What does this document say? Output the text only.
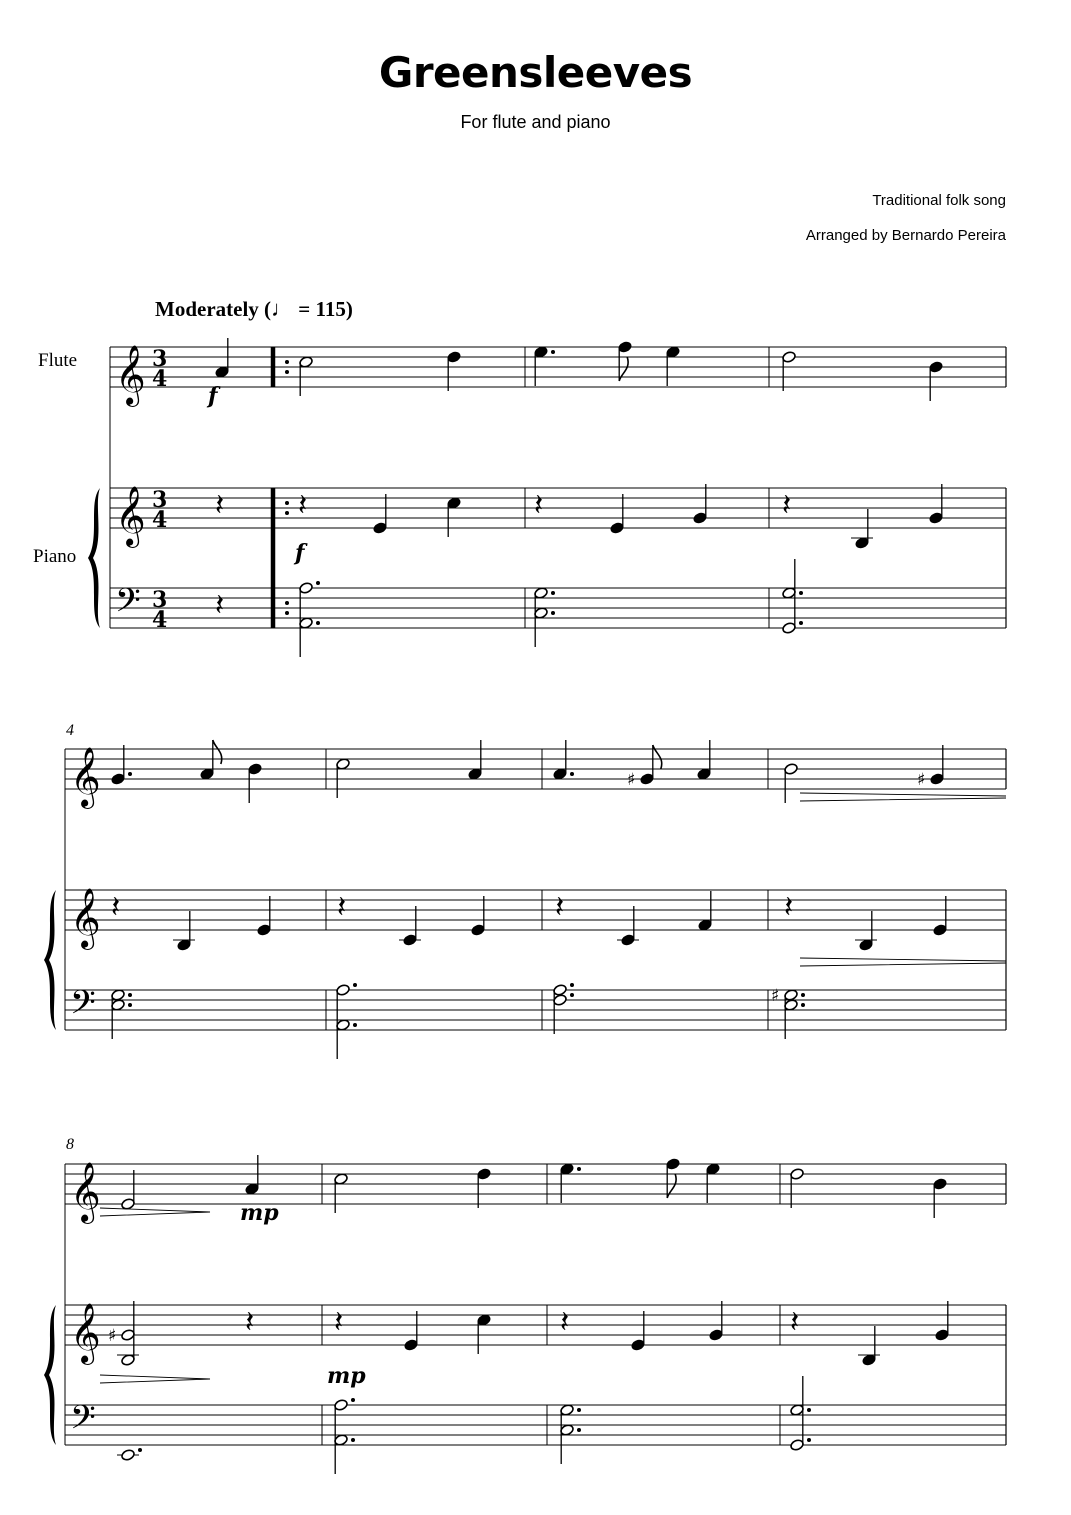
Greensleeves
For flute and piano
Traditional folk song
Arranged by Bernardo Pereira
Moderately (♩ = 115)
Flute
Piano
4
8
𝄞
𝄞
𝄢
3
4
3
4
3
4
f
𝄽
𝄽
𝄽
f
𝄽	𝄽
𝄞
𝄞
𝄢
𝄽	𝄽
♯
𝄽
♯
𝄽
♯
𝄞
𝄞
𝄢
mp
♯	𝄽	𝄽
mp
𝄽	𝄽
